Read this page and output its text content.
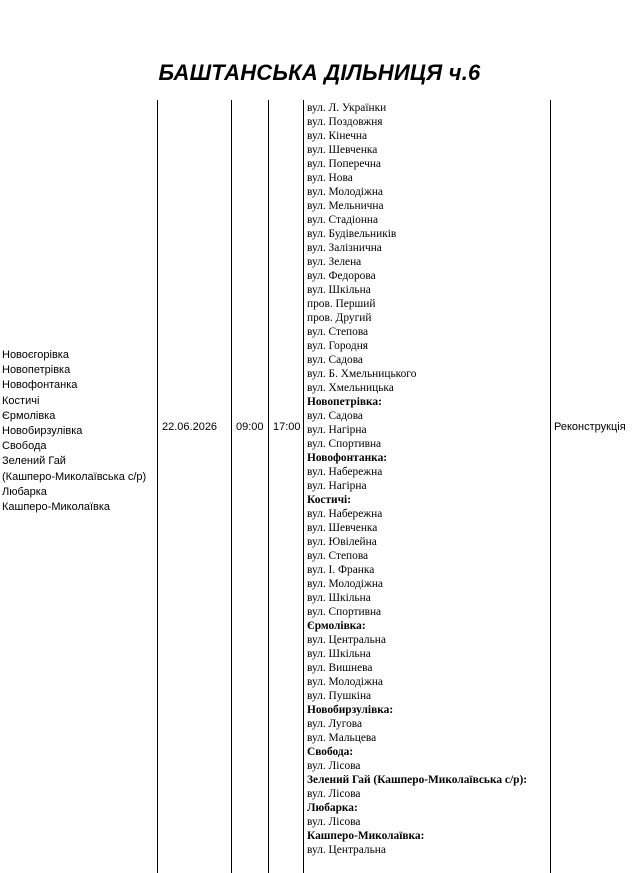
БАШТАНСЬКА ДІЛЬНИЦЯ ч.6
Новоєгорівка
Новопетрівка
Новофонтанка
Костичі
Єрмолівка
Новобирзулівка
Свобода
Зелений Гай
(Кашперо-Миколаївська с/р)
Любарка
Кашперо-Миколаївка
22.06.2026 09:00 17:00	Реконструкція
вул. Л. Українки
вул. Поздовжня
вул. Кінечна
вул. Шевченка
вул. Поперечна
вул. Нова
вул. Молодіжна
вул. Мельнична
вул. Стадіонна
вул. Будівельників
вул. Залізнична
вул. Зелена
вул. Федорова
вул. Шкільна
пров. Перший
пров. Другий
вул. Степова
вул. Городня
вул. Садова
вул. Б. Хмельницького
вул. Хмельницька
Новопетрівка:
вул. Садова
вул. Нагірна
вул. Спортивна
Новофонтанка:
вул. Набережна
вул. Нагірна
Костичі:
вул. Набережна
вул. Шевченка
вул. Ювілейна
вул. Степова
вул. І. Франка
вул. Молодіжна
вул. Шкільна
вул. Спортивна
Єрмолівка:
вул. Центральна
вул. Шкільна
вул. Вишнева
вул. Молодіжна
вул. Пушкіна
Новобирзулівка:
вул. Лугова
вул. Мальцева
Свобода:
вул. Лісова
Зелений Гай (Кашперо-Миколаївська с/р):
вул. Лісова
Любарка:
вул. Лісова
Кашперо-Миколаївка:
вул. Центральна
